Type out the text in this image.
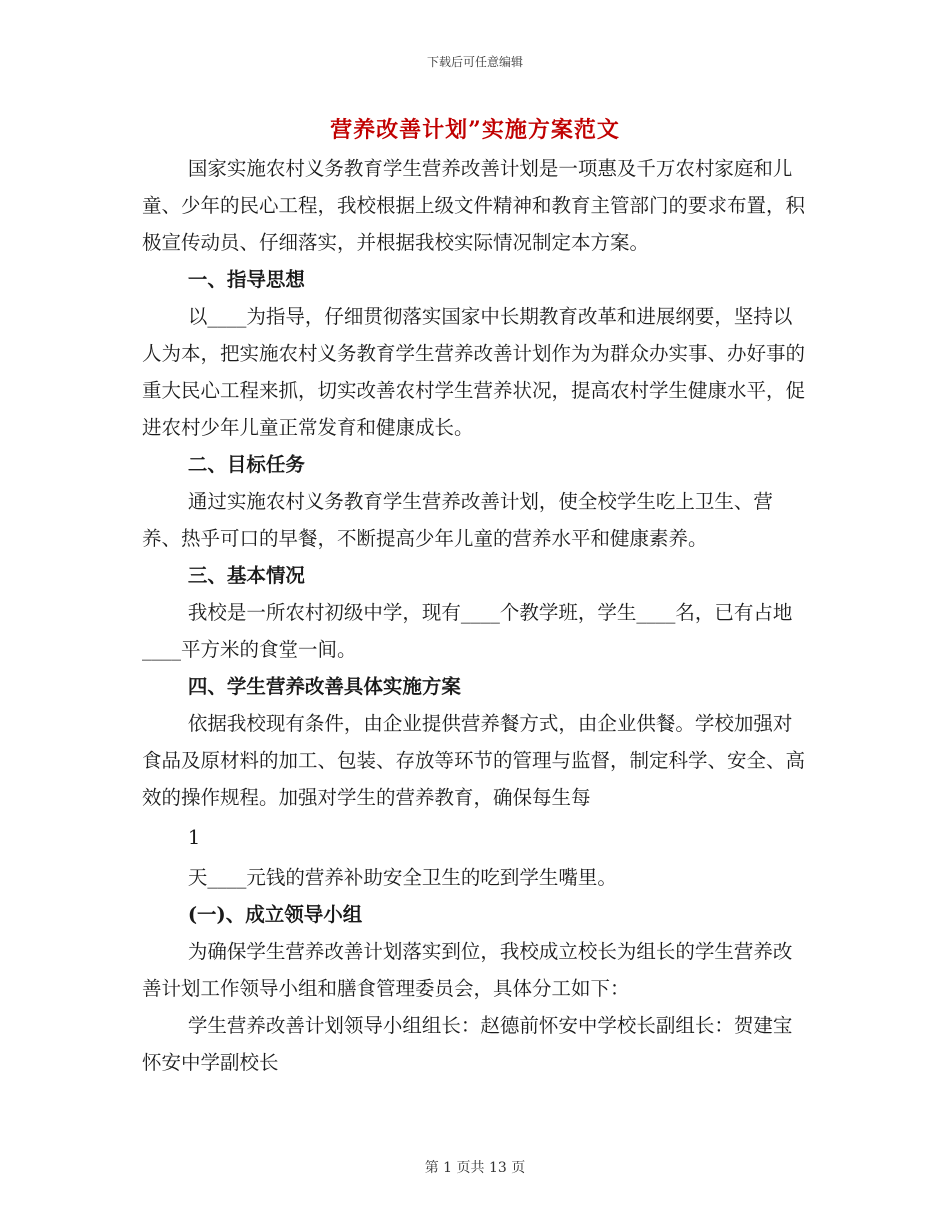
下载后可任意编辑
营养改善计划”实施方案范文

国家实施农村义务教育学生营养改善计划是一项惠及千万农村家庭和儿童、少年的民心工程，我校根据上级文件精神和教育主管部门的要求布置，积极宣传动员、仔细落实，并根据我校实际情况制定本方案。

一、指导思想

以____为指导，仔细贯彻落实国家中长期教育改革和进展纲要，坚持以人为本，把实施农村义务教育学生营养改善计划作为为群众办实事、办好事的重大民心工程来抓，切实改善农村学生营养状况，提高农村学生健康水平，促进农村少年儿童正常发育和健康成长。

二、目标任务

通过实施农村义务教育学生营养改善计划，使全校学生吃上卫生、营养、热乎可口的早餐，不断提高少年儿童的营养水平和健康素养。

三、基本情况

我校是一所农村初级中学，现有____个教学班，学生____名，已有占地____平方米的食堂一间。

四、学生营养改善具体实施方案

依据我校现有条件，由企业提供营养餐方式，由企业供餐。学校加强对食品及原材料的加工、包装、存放等环节的管理与监督，制定科学、安全、高效的操作规程。加强对学生的营养教育，确保每生每

1

天____元钱的营养补助安全卫生的吃到学生嘴里。

(一)、成立领导小组

为确保学生营养改善计划落实到位，我校成立校长为组长的学生营养改善计划工作领导小组和膳食管理委员会，具体分工如下：

学生营养改善计划领导小组组长：赵德前怀安中学校长副组长：贺建宝怀安中学副校长

第 1 页共 13 页
